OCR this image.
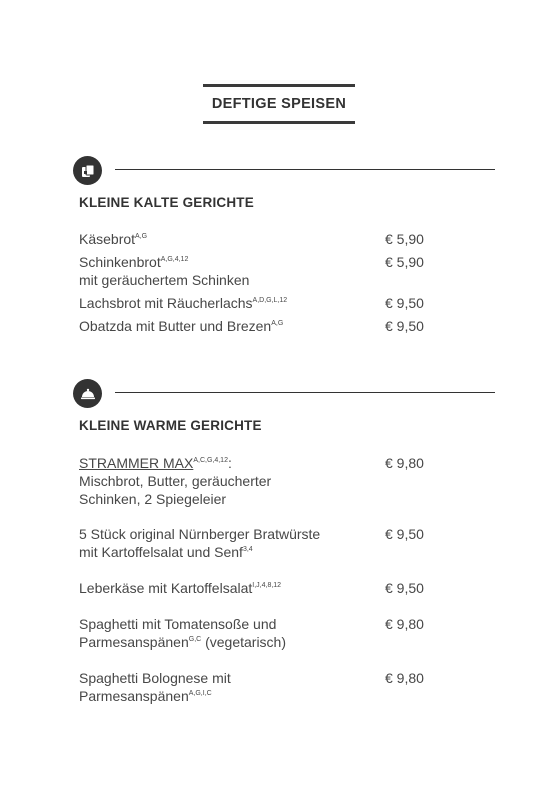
DEFTIGE SPEISEN
KLEINE KALTE GERICHTE
Käsebrot$^{A,G}$	€ 5,90
Schinkenbrot$^{A,G,4,12}$
mit geräuchertem Schinken
€ 5,90
Lachsbrot mit Räucherlachs$^{A,D,G,L,12}$	€ 9,50
Obatzda mit Butter und Brezen$^{A,G}$	€ 9,50
KLEINE WARME GERICHTE
STRAMMER $MAX^{A,C,G,4,12}$:
Mischbrot, Butter, geräucherter
Schinken, 2 Spiegeleier
€ 9,80
5 Stück original Nürnberger Bratwürste
mit Kartoffelsalat und Senf$^{3,4}$
€ 9,50
Leberkäse mit Kartoffelsalat$^{I,J,4,8,12}$	€ 9,50
Spaghetti mit Tomatensoße und
Parmesanspänen$^{G,C}$ (vegetarisch)
€ 9,80
Spaghetti Bolognese mit
Parmesanspänen$^{A,G,I,C}$
€ 9,80
